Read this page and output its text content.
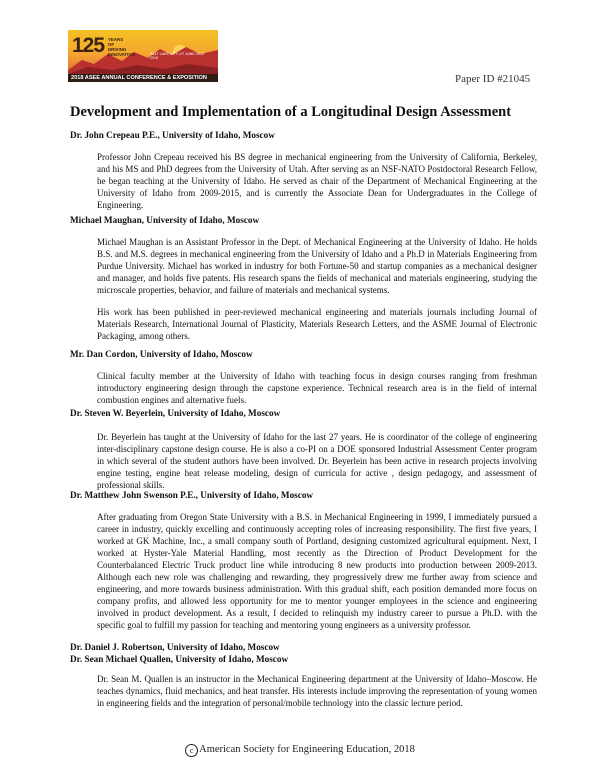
125 YEARS OF DRIVING INNOVATION	SALT LAKE CITY, UT JUNE 24-27 2018
2018 ASEE ANNUAL CONFERENCE & EXPOSITION	Paper ID #21045
Development and Implementation of a Longitudinal Design Assessment
Dr. John Crepeau P.E., University of Idaho, Moscow

Professor John Crepeau received his BS degree in mechanical engineering from the University of California, Berkeley, and his MS and PhD degrees from the University of Utah. After serving as an NSF-NATO Postdoctoral Research Fellow, he began teaching at the University of Idaho. He served as chair of the Department of Mechanical Engineering at the University of Idaho from 2009-2015, and is currently the Associate Dean for Undergraduates in the College of Engineering.

Michael Maughan, University of Idaho, Moscow

Michael Maughan is an Assistant Professor in the Dept. of Mechanical Engineering at the University of Idaho. He holds B.S. and M.S. degrees in mechanical engineering from the University of Idaho and a Ph.D in Materials Engineering from Purdue University. Michael has worked in industry for both Fortune-50 and startup companies as a mechanical designer and manager, and holds five patents. His research spans the fields of mechanical and materials engineering, studying the microscale properties, behavior, and failure of materials and mechanical systems.

His work has been published in peer-reviewed mechanical engineering and materials journals including Journal of Materials Research, International Journal of Plasticity, Materials Research Letters, and the ASME Journal of Electronic Packaging, among others.

Mr. Dan Cordon, University of Idaho, Moscow

Clinical faculty member at the University of Idaho with teaching focus in design courses ranging from freshman introductory engineering design through the capstone experience. Technical research area is in the field of internal combustion engines and alternative fuels.

Dr. Steven W. Beyerlein, University of Idaho, Moscow

Dr. Beyerlein has taught at the University of Idaho for the last 27 years. He is coordinator of the college of engineering inter-disciplinary capstone design course. He is also a co-PI on a DOE sponsored Industrial Assessment Center program in which several of the student authors have been involved. Dr. Beyerlein has been active in research projects involving engine testing, engine heat release modeling, design of curricula for active , design pedagogy, and assessment of professional skills.

Dr. Matthew John Swenson P.E., University of Idaho, Moscow

After graduating from Oregon State University with a B.S. in Mechanical Engineering in 1999, I immediately pursued a career in industry, quickly excelling and continuously accepting roles of increasing responsibility. The first five years, I worked at GK Machine, Inc., a small company south of Portland, designing customized agricultural equipment. Next, I worked at Hyster-Yale Material Handling, most recently as the Direction of Product Development for the Counterbalanced Electric Truck product line while introducing 8 new products into production between 2009-2013. Although each new role was challenging and rewarding, they progressively drew me further away from science and engineering, and more towards business administration. With this gradual shift, each position demanded more focus on company profits, and allowed less opportunity for me to mentor younger employees in the science and engineering involved in product development. As a result, I decided to relinquish my industry career to pursue a Ph.D. with the specific goal to fulfill my passion for teaching and mentoring young engineers as a university professor.

Dr. Daniel J. Robertson, University of Idaho, Moscow
Dr. Sean Michael Quallen, University of Idaho, Moscow

Dr. Sean M. Quallen is an instructor in the Mechanical Engineering department at the University of Idaho–Moscow. He teaches dynamics, fluid mechanics, and heat transfer. His interests include improving the representation of young women in engineering fields and the integration of personal/mobile technology into the classic lecture period.

c American Society for Engineering Education, 2018
